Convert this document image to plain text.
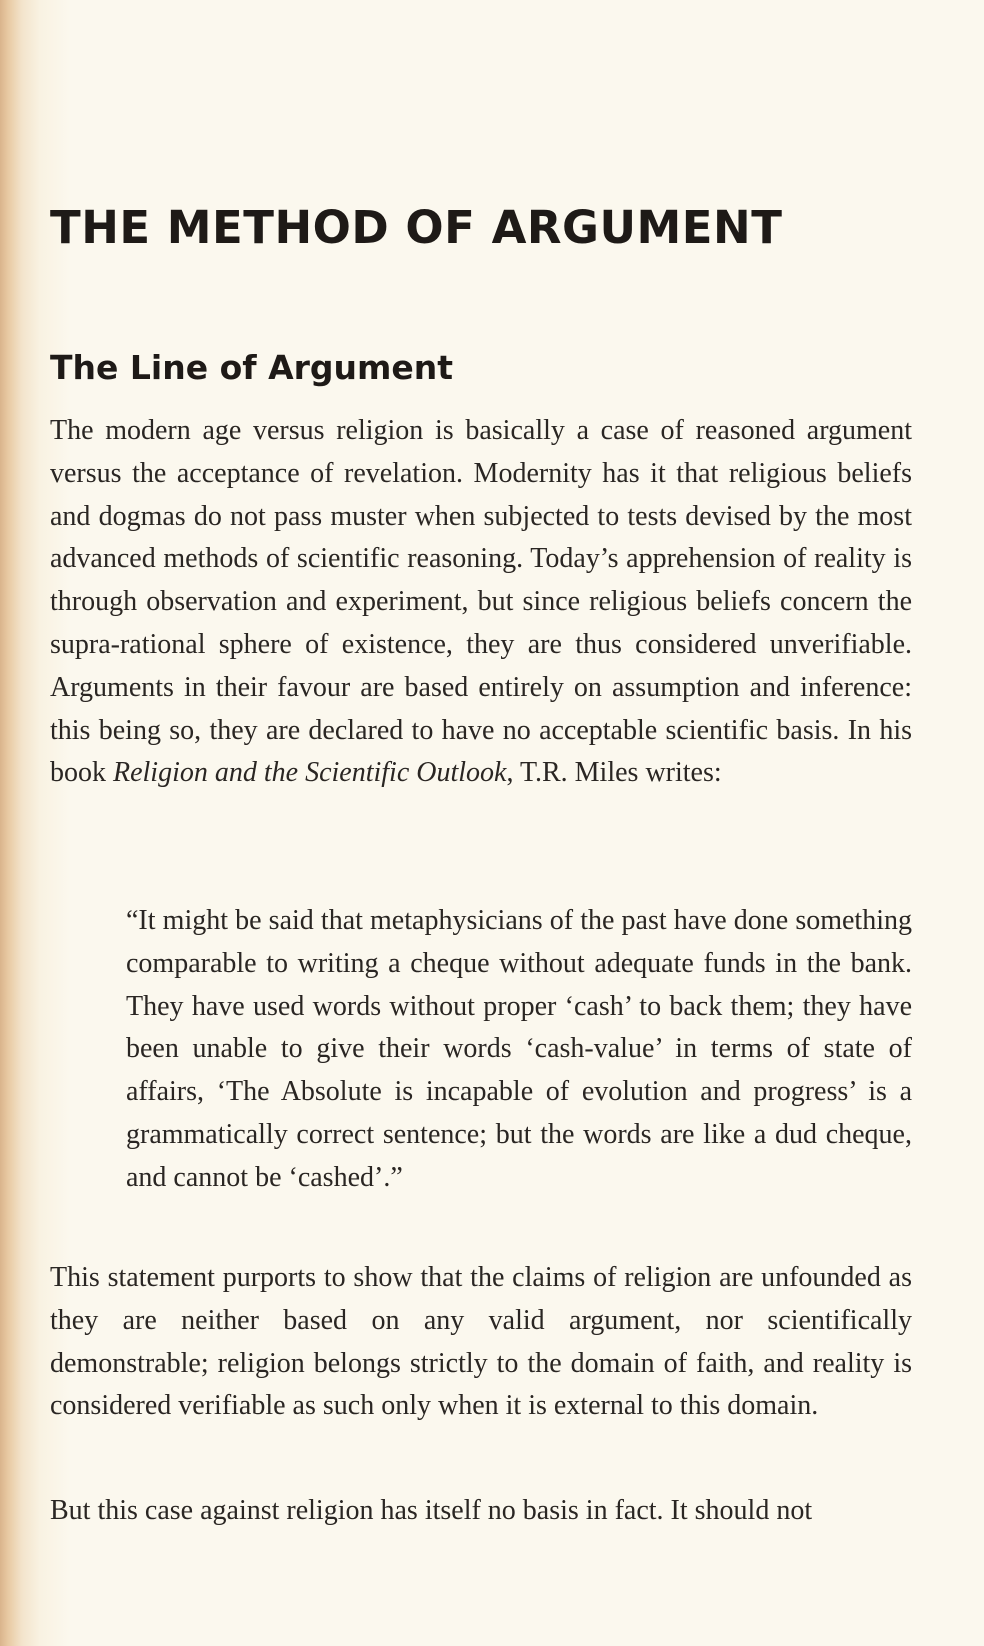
THE METHOD OF ARGUMENT
The Line of Argument

The modern age versus religion is basically a case of reasoned argument versus the acceptance of revelation. Modernity has it that religious beliefs and dogmas do not pass muster when subjected to tests devised by the most advanced methods of scientific reasoning. Today’s apprehension of reality is through observation and experiment, but since religious beliefs concern the supra-rational sphere of existence, they are thus considered unverifiable. Arguments in their favour are based entirely on assumption and inference: this being so, they are declared to have no acceptable scientific basis. In his book Religion and the Scientific Outlook, T.R. Miles writes:

“It might be said that metaphysicians of the past have done something comparable to writing a cheque without adequate funds in the bank. They have used words without proper ‘cash’ to back them; they have been unable to give their words ‘cash-value’ in terms of state of affairs, ‘The Absolute is incapable of evolution and progress’ is a grammatically correct sentence; but the words are like a dud cheque, and cannot be ‘cashed’.”

This statement purports to show that the claims of religion are unfounded as they are neither based on any valid argument, nor scientifically demonstrable; religion belongs strictly to the domain of faith, and reality is considered verifiable as such only when it is external to this domain.

But this case against religion has itself no basis in fact. It should not
